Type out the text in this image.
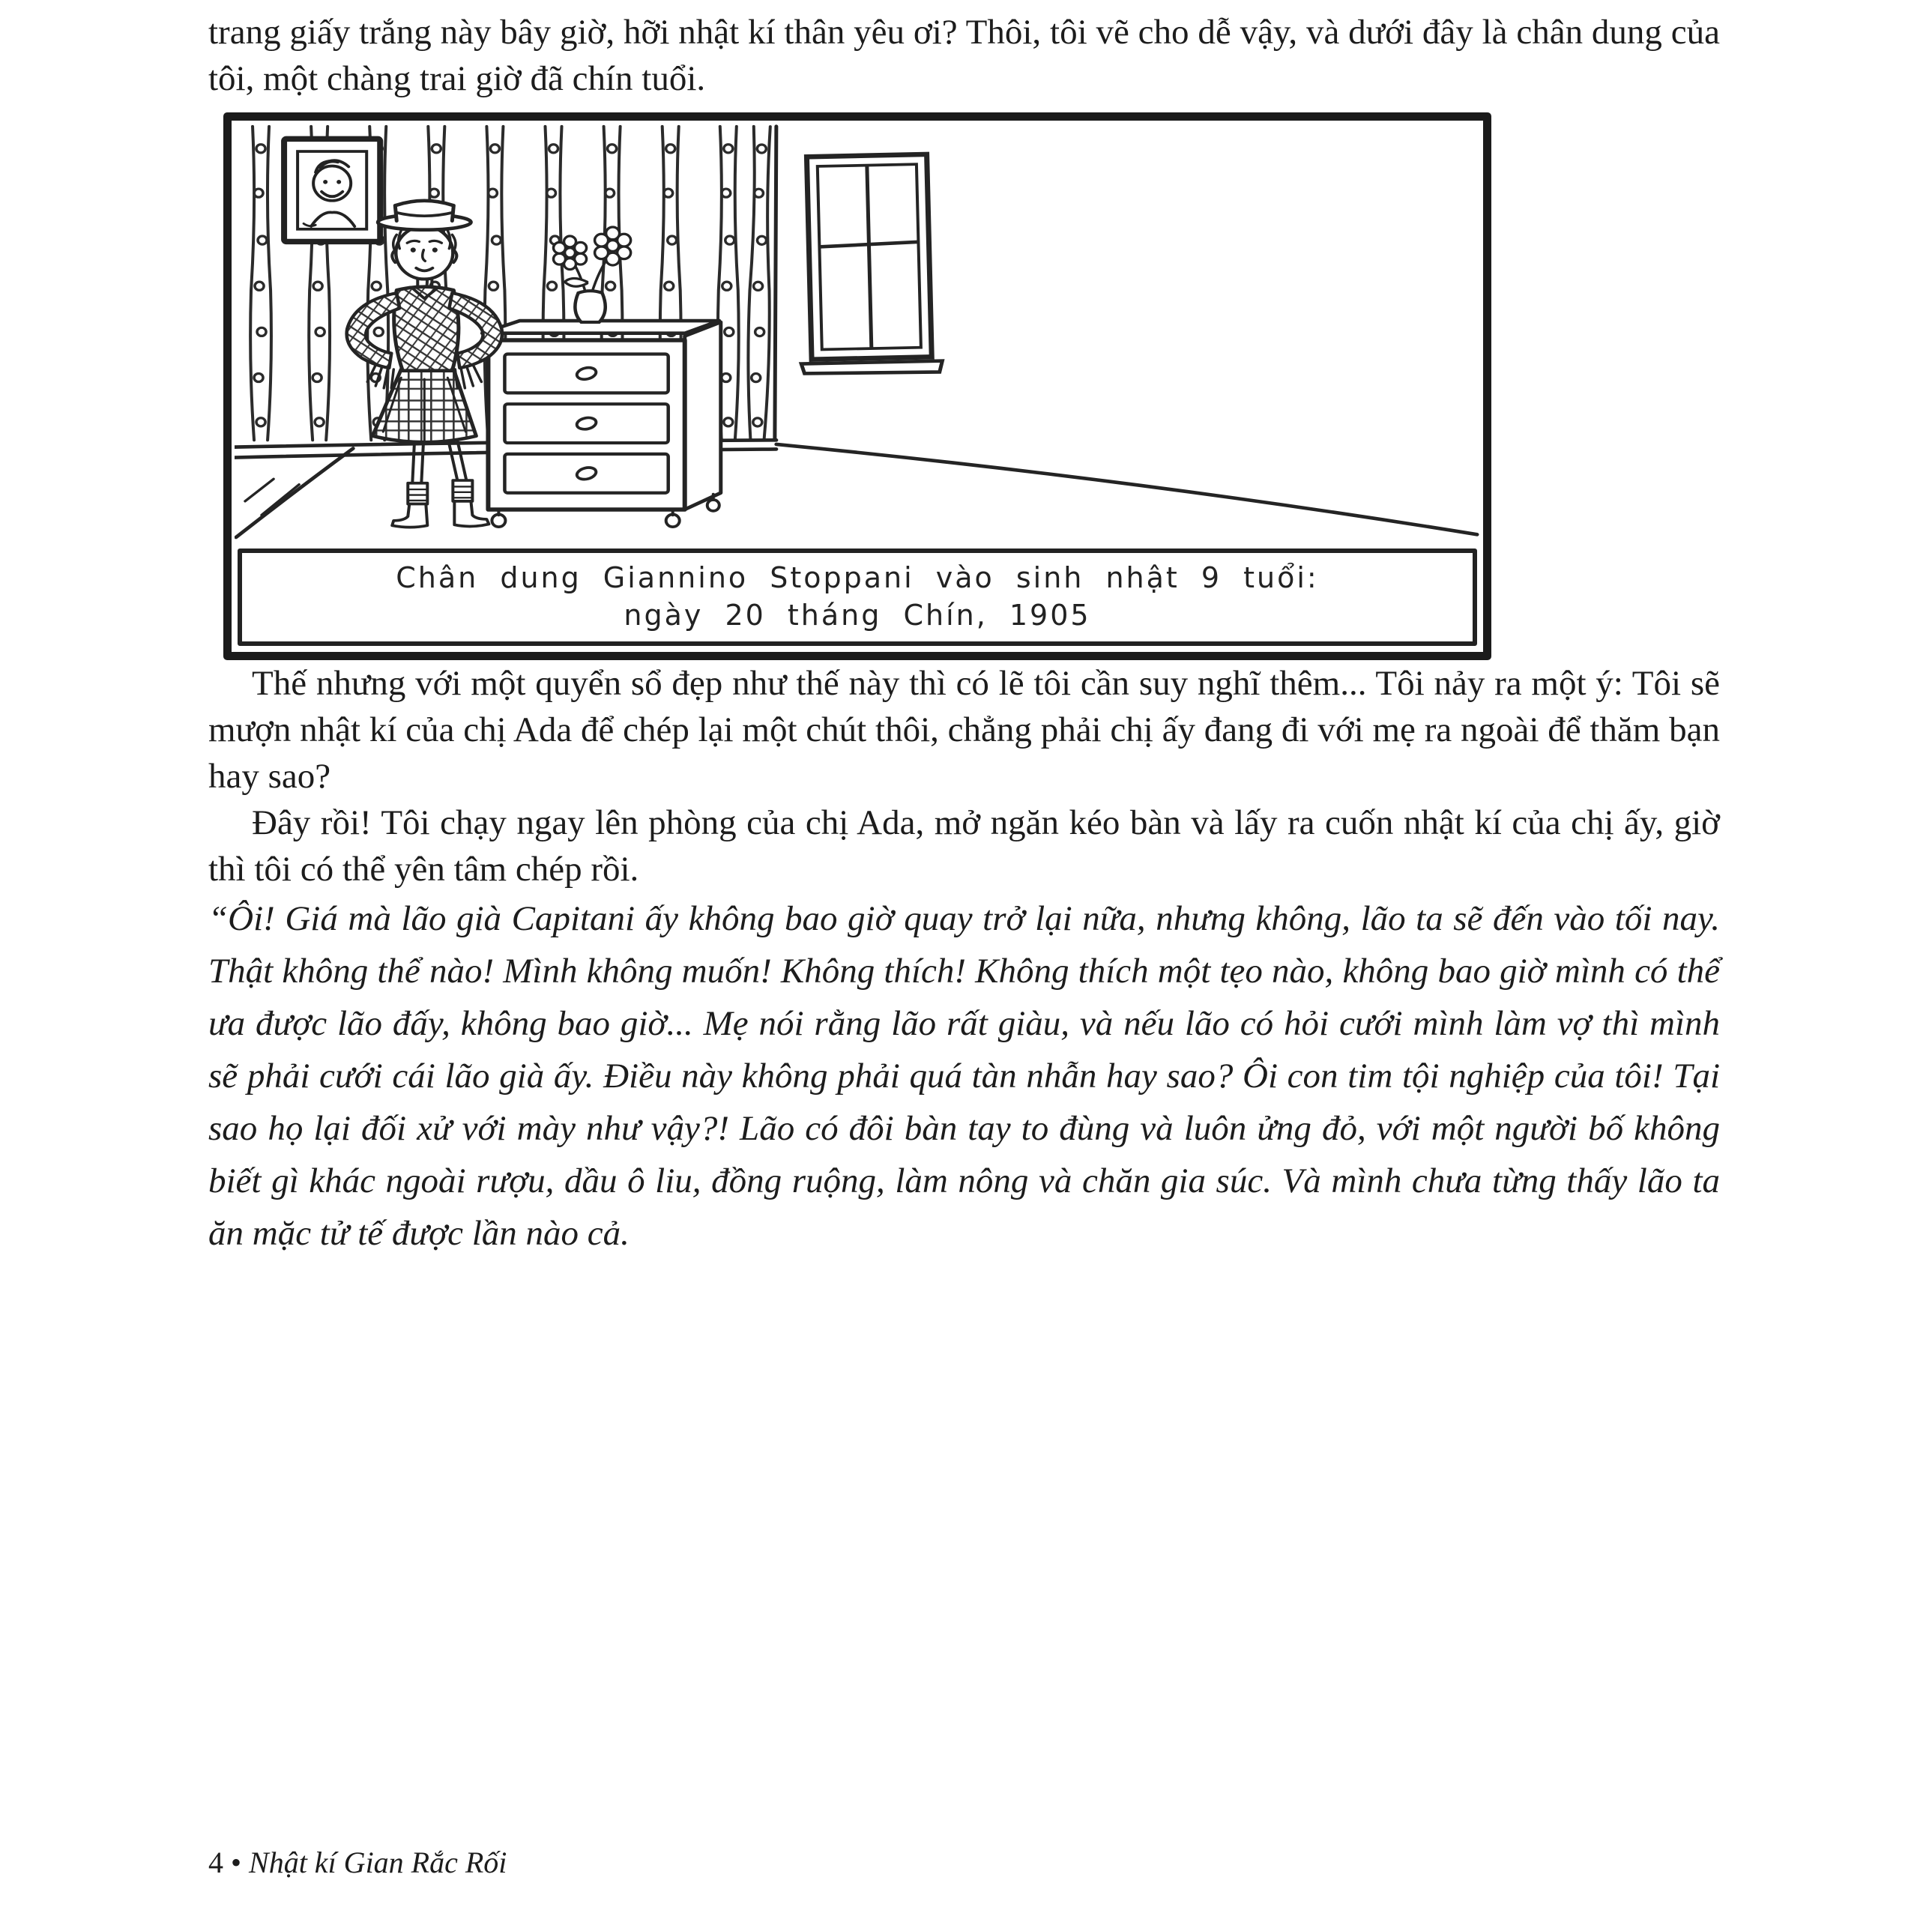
trang giấy trắng này bây giờ, hỡi nhật kí thân yêu ơi? Thôi, tôi vẽ cho dễ vậy, và dưới đây là chân dung của tôi, một chàng trai giờ đã chín tuổi.

Chân dung Giannino Stoppani vào sinh nhật 9 tuổi:
ngày 20 tháng Chín, 1905

Thế nhưng với một quyển sổ đẹp như thế này thì có lẽ tôi cần suy nghĩ thêm... Tôi nảy ra một ý: Tôi sẽ mượn nhật kí của chị Ada để chép lại một chút thôi, chẳng phải chị ấy đang đi với mẹ ra ngoài để thăm bạn hay sao?

Đây rồi! Tôi chạy ngay lên phòng của chị Ada, mở ngăn kéo bàn và lấy ra cuốn nhật kí của chị ấy, giờ thì tôi có thể yên tâm chép rồi.

“Ôi! Giá mà lão già Capitani ấy không bao giờ quay trở lại nữa, nhưng không, lão ta sẽ đến vào tối nay. Thật không thể nào! Mình không muốn! Không thích! Không thích một tẹo nào, không bao giờ mình có thể ưa được lão đấy, không bao giờ... Mẹ nói rằng lão rất giàu, và nếu lão có hỏi cưới mình làm vợ thì mình sẽ phải cưới cái lão già ấy. Điều này không phải quá tàn nhẫn hay sao? Ôi con tim tội nghiệp của tôi! Tại sao họ lại đối xử với mày như vậy?! Lão có đôi bàn tay to đùng và luôn ửng đỏ, với một người bố không biết gì khác ngoài rượu, dầu ô liu, đồng ruộng, làm nông và chăn gia súc. Và mình chưa từng thấy lão ta ăn mặc tử tế được lần nào cả.

4 • Nhật kí Gian Rắc Rối
